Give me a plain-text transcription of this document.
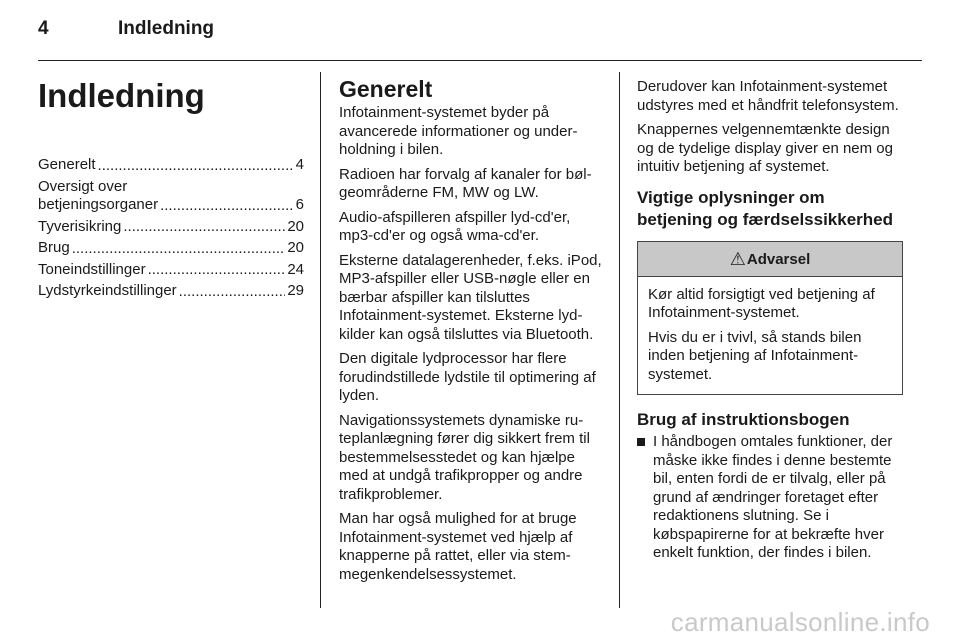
4	Indledning
Indledning
Generelt .....	4
Oversigt over
betjeningsorganer .....	6
Tyverisikring .....	20
Brug .....	20
Toneindstillinger .....	24
Lydstyrkeindstillinger .....	29
Generelt

Infotainment-systemet byder på avancerede informationer og underholdning i bilen.

Radioen har forvalg af kanaler for bølgeområderne FM, MW og LW.

Audio-afspilleren afspiller lyd-cd'er, mp3-cd'er og også wma-cd'er.

Eksterne datalagerenheder, f.eks. iPod, MP3-afspiller eller USB-nøgle eller en bærbar afspiller kan tilsluttes Infotainment-systemet. Eksterne lydkilder kan også tilsluttes via Bluetooth.

Den digitale lydprocessor har flere forudindstillede lydstile til optimering af lyden.

Navigationssystemets dynamiske ruteplanlægning fører dig sikkert frem til bestemmelsesstedet og kan hjælpe med at undgå trafikpropper og andre trafikproblemer.

Man har også mulighed for at bruge Infotainment-systemet ved hjælp af knapperne på rattet, eller via stemmegenkendelsessystemet.

Derudover kan Infotainment-systemet udstyres med et håndfrit telefonsystem.

Knappernes velgennemtænkte design og de tydelige display giver en nem og intuitiv betjening af systemet.

Vigtige oplysninger om betjening og færdselssikkerhed
⚠Advarsel

Kør altid forsigtigt ved betjening af Infotainment-systemet.

Hvis du er i tvivl, så stands bilen inden betjening af Infotainment-systemet.

Brug af instruktionsbogen
I håndbogen omtales funktioner, der måske ikke findes i denne bestemte bil, enten fordi de er tilvalg, eller på grund af ændringer foretaget efter redaktionens slutning. Se i købspapirerne for at bekræfte hver enkelt funktion, der findes i bilen.
carmanualsonline.info
